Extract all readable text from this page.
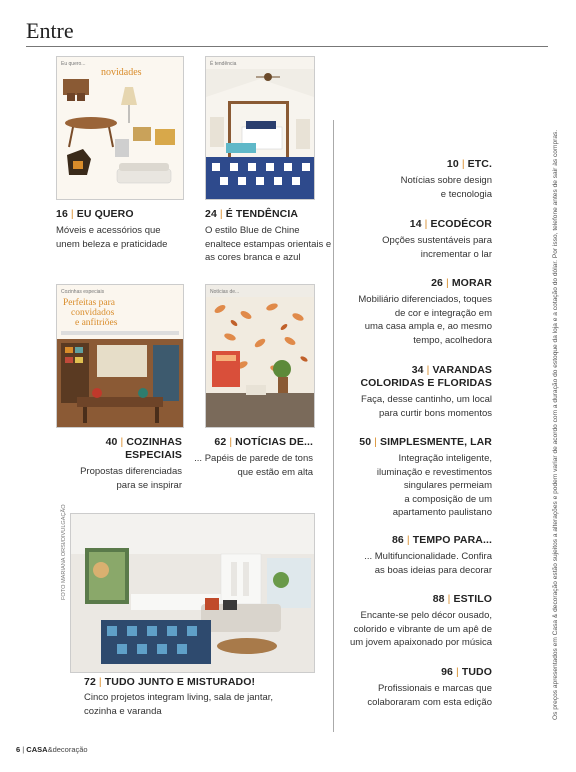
Entre
Eu quero...
novidades
É tendência
16 | EU QUERO
Móveis e acessórios que
unem beleza e praticidade
24 | É TENDÊNCIA
O estilo Blue de Chine
enaltece estampas orientais e
as cores branca e azul
Cozinhas especiais
Perfeitas para
convidados
e anfitriões
Notícias de...
40 | COZINHAS
ESPECIAIS
Propostas diferenciadas
para se inspirar
62 | NOTÍCIAS DE...
... Papéis de parede de tons
que estão em alta
FOTO MARIANA ORSI/DIVULGAÇÃO
72 | TUDO JUNTO E MISTURADO!
Cinco projetos integram living, sala de jantar,
cozinha e varanda
10 | ETC.
Notícias sobre design
e tecnologia
14 | ECODÉCOR
Opções sustentáveis para
incrementar o lar
26 | MORAR
Mobiliário diferenciados, toques
de cor e integração em
uma casa ampla e, ao mesmo
tempo, acolhedora
34 | VARANDAS
COLORIDAS E FLORIDAS
Faça, desse cantinho, um local
para curtir bons momentos
50 | SIMPLESMENTE, LAR
Integração inteligente,
iluminação e revestimentos
singulares permeiam
a composição de um
apartamento paulistano
86 | TEMPO PARA...
... Multifuncionalidade. Confira
as boas ideias para decorar
88 | ESTILO
Encante-se pelo décor ousado,
colorido e vibrante de um apê de
um jovem apaixonado por música
96 | TUDO
Profissionais e marcas que
colaboraram com esta edição	Os preços apresentados em Casa & decoração estão sujeitos a alterações e podem variar de acordo com a duração do estoque da loja e a cotação do dólar. Por isso, telefone antes de sair às compras.
6 | CASA&decoração
